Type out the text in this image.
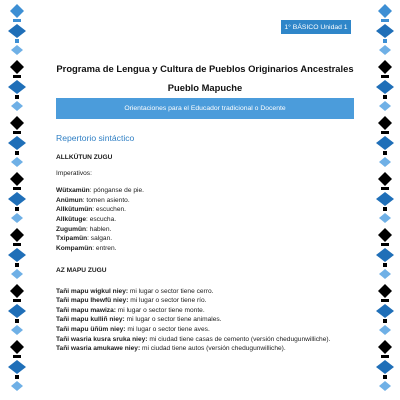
1° BÁSICO Unidad 1
Programa de Lengua y Cultura de Pueblos Originarios Ancestrales
Pueblo Mapuche
Orientaciones para el Educador tradicional o Docente
Repertorio sintáctico
ALLKÜTUN ZUGU
Imperativos:
Wütxamün: pónganse de pie.
Anümun: tomen asiento.
Allkütumün: escuchen.
Allkütuge: escucha.
Zugumün: hablen.
Txipamün: salgan.
Kompamün: entren.
AZ MAPU ZUGU
Tañi mapu wigkul niey: mi lugar o sector tiene cerro.
Tañi mapu lhewfü niey: mi lugar o sector tiene río.
Tañi mapu mawiza: mi lugar o sector tiene monte.
Tañi mapu kulliñ niey: mi lugar o sector tiene animales.
Tañi mapu üñüm niey: mi lugar o sector tiene aves.
Tañi wasria kusra sruka niey: mi ciudad tiene casas de cemento (versión chedugunwilliche).
Tañi wasria amukawe niey: mi ciudad tiene autos (versión chedugunwilliche).
